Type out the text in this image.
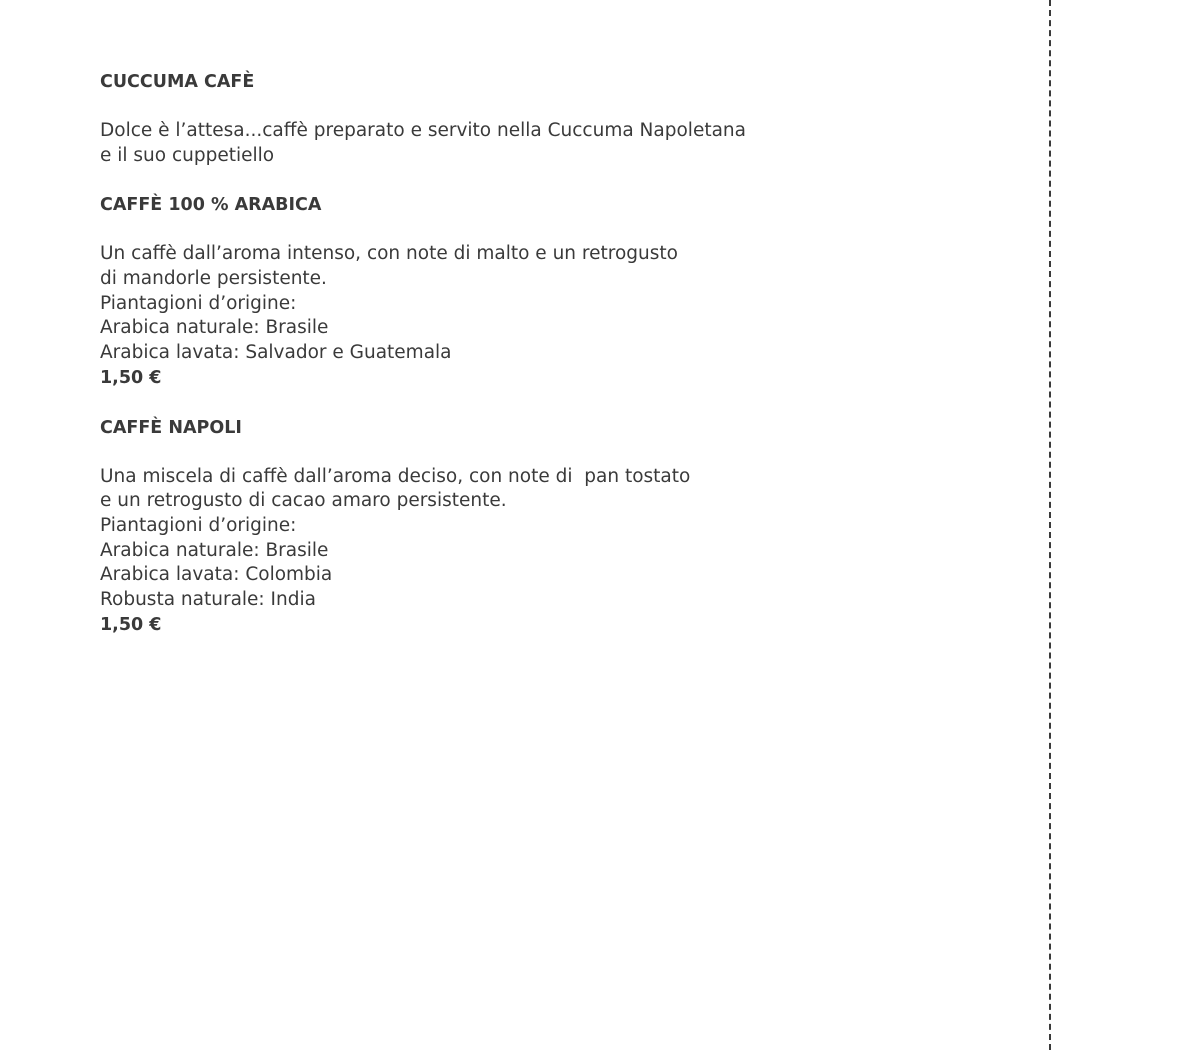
CUCCUMA CAFÈ

Dolce è l’attesa...caffè preparato e servito nella Cuccuma Napoletana

e il suo cuppetiello

CAFFÈ 100 % ARABICA

Un caffè dall’aroma intenso, con note di malto e un retrogusto

di mandorle persistente.

Piantagioni d’origine:

Arabica naturale: Brasile

Arabica lavata: Salvador e Guatemala

1,50 €

CAFFÈ NAPOLI

Una miscela di caffè dall’aroma deciso, con note di  pan tostato

e un retrogusto di cacao amaro persistente.

Piantagioni d’origine:

Arabica naturale: Brasile

Arabica lavata: Colombia

Robusta naturale: India

1,50 €
